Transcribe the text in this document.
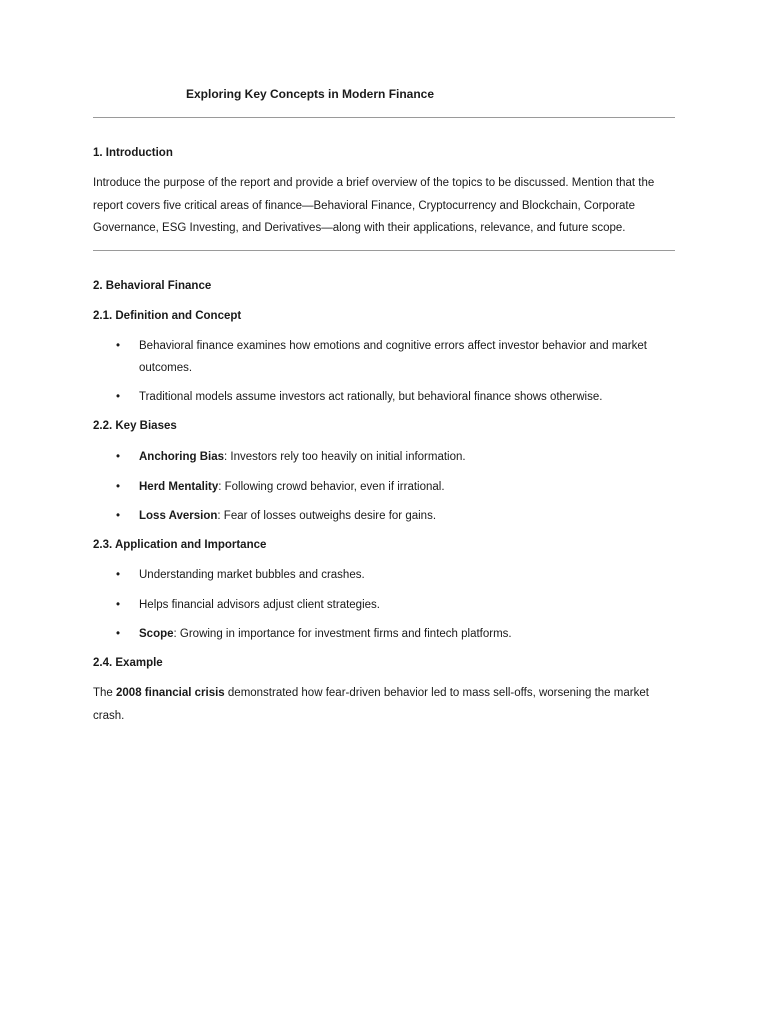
Exploring Key Concepts in Modern Finance
1. Introduction
Introduce the purpose of the report and provide a brief overview of the topics to be discussed. Mention that the report covers five critical areas of finance—Behavioral Finance, Cryptocurrency and Blockchain, Corporate Governance, ESG Investing, and Derivatives—along with their applications, relevance, and future scope.
2. Behavioral Finance
2.1. Definition and Concept
• Behavioral finance examines how emotions and cognitive errors affect investor behavior and market outcomes.
• Traditional models assume investors act rationally, but behavioral finance shows otherwise.
2.2. Key Biases
• Anchoring Bias: Investors rely too heavily on initial information.
• Herd Mentality: Following crowd behavior, even if irrational.
• Loss Aversion: Fear of losses outweighs desire for gains.
2.3. Application and Importance
• Understanding market bubbles and crashes.
• Helps financial advisors adjust client strategies.
• Scope: Growing in importance for investment firms and fintech platforms.
2.4. Example
The 2008 financial crisis demonstrated how fear-driven behavior led to mass sell-offs, worsening the market crash.
